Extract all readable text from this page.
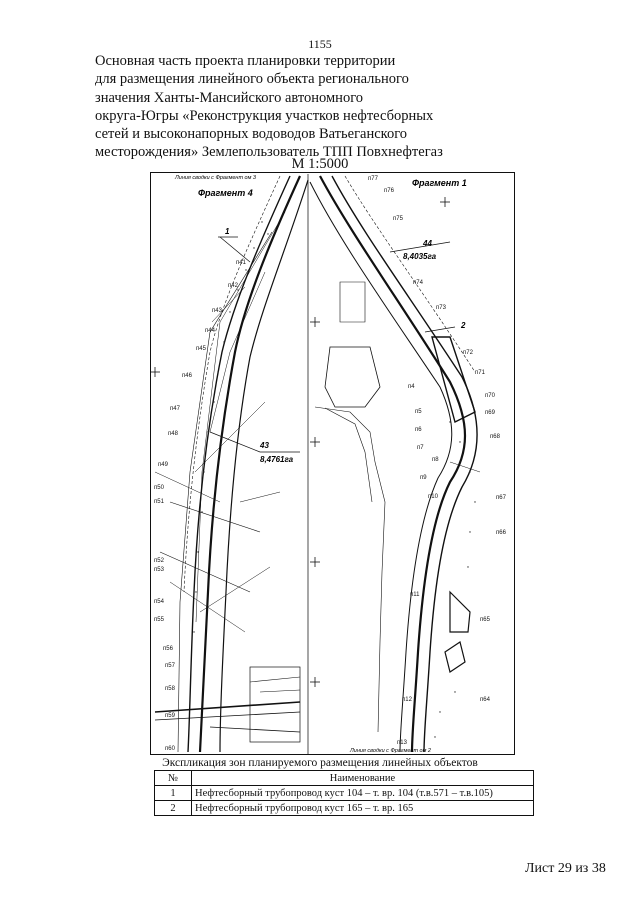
1155
Основная часть проекта планировки территории
для размещения линейного объекта регионального
значения Ханты-Мансийского автономного
округа-Югры «Реконструкция участков нефтесборных
сетей и высоконапорных водоводов Ватьеганского
месторождения» Землепользователь ТПП Повхнефтегаз
М 1:5000
Фрагмент 4
Фрагмент 1
Линия сводки с Фрагмент ом 3
Линия сводки с Фрагмент ом 2
43
8,4761га
44
8,4035га
1
2
п41
п42
п43
п44
п45
п46
п47
п48
п49
п50
п51
п52
п53
п54
п55
п56
п57
п58
п59
п60
п77
п76
п75
п74
п73
п72
п71
п70
п69
п68
п67
п66
п65
п64
п4
п5
п6
п7
п8
п9
п10
п11
п12
п13
Экспликация зон планируемого размещения линейных объектов
№	Наименование
1	Нефтесборный трубопровод куст 104 – т. вр. 104 (т.в.571 – т.в.105)
2	Нефтесборный трубопровод куст 165 – т. вр. 165
Лист 29 из 38
